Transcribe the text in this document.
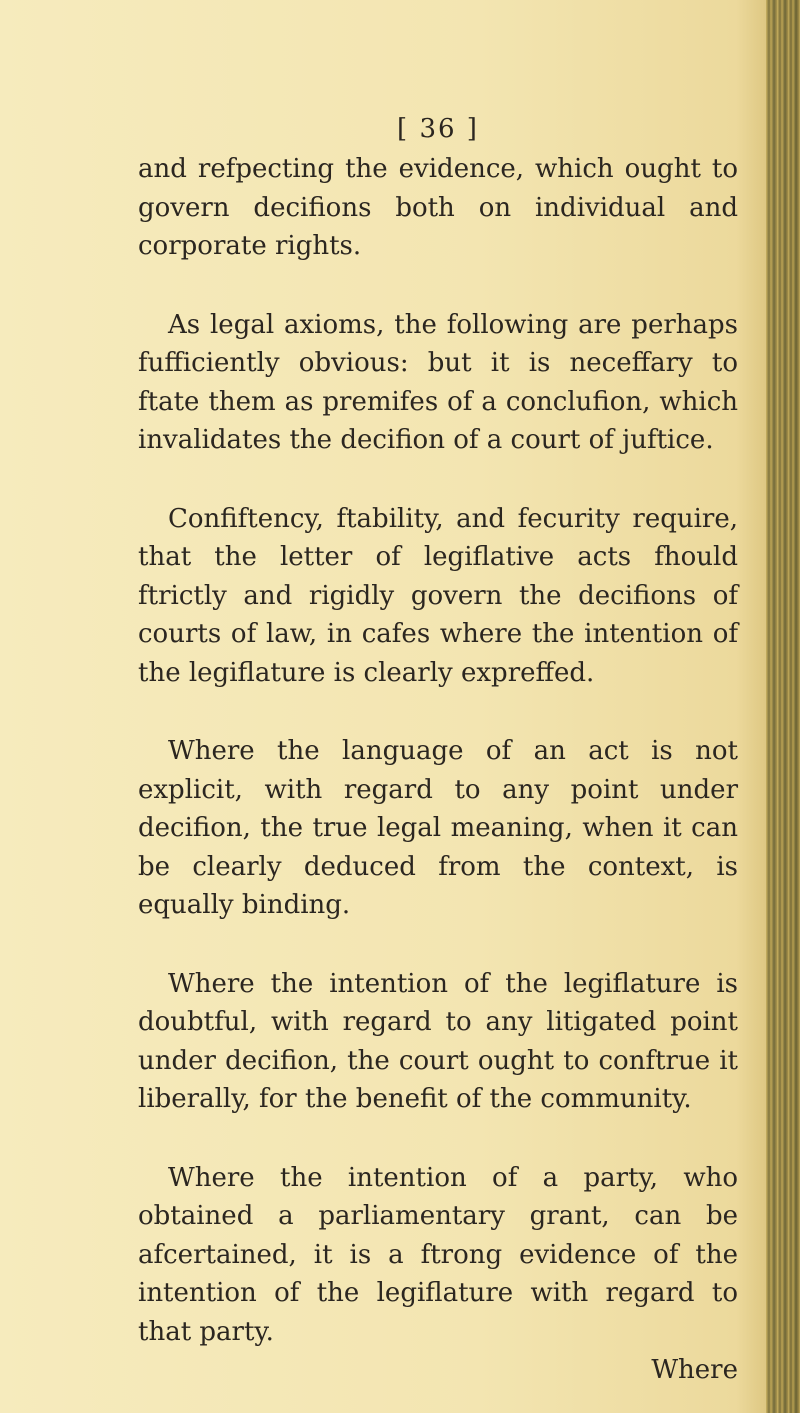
[ 36 ]

and refpecting the evidence, which ought to govern decifions both on individual and corporate rights.

As legal axioms, the following are perhaps fufficiently obvious: but it is neceffary to ftate them as premifes of a conclufion, which invalidates the decifion of a court of juftice.

Confiftency, ftability, and fecurity require, that the letter of legiflative acts fhould ftrictly and rigidly govern the decifions of courts of law, in cafes where the intention of the legiflature is clearly expreffed.

Where the language of an act is not explicit, with regard to any point under decifion, the true legal meaning, when it can be clearly deduced from the context, is equally binding.

Where the intention of the legiflature is doubtful, with regard to any litigated point under decifion, the court ought to conftrue it liberally, for the benefit of the community.

Where the intention of a party, who obtained a parliamentary grant, can be afcertained, it is a ftrong evidence of the intention of the legiflature with regard to that party.

Where
